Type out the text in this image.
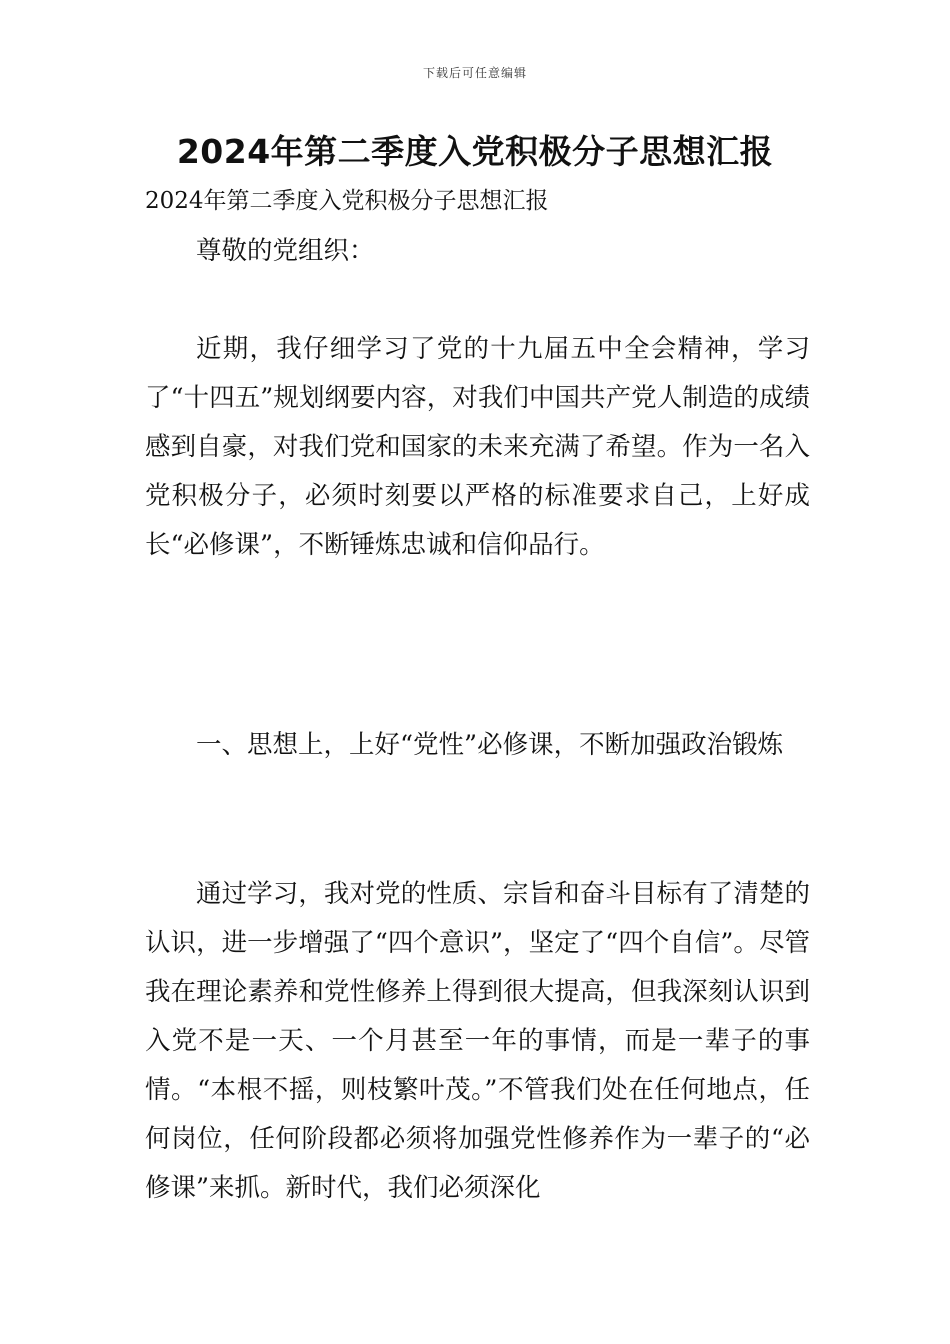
下载后可任意编辑
2024年第二季度入党积极分子思想汇报

2024年第二季度入党积极分子思想汇报

尊敬的党组织：

近期，我仔细学习了党的十九届五中全会精神，学习了“十四五”规划纲要内容，对我们中国共产党人制造的成绩感到自豪，对我们党和国家的未来充满了希望。作为一名入党积极分子，必须时刻要以严格的标准要求自己，上好成长“必修课”，不断锤炼忠诚和信仰品行。

一、思想上，上好“党性”必修课，不断加强政治锻炼

通过学习，我对党的性质、宗旨和奋斗目标有了清楚的认识，进一步增强了“四个意识”，坚定了“四个自信”。尽管我在理论素养和党性修养上得到很大提高，但我深刻认识到入党不是一天、一个月甚至一年的事情，而是一辈子的事情。“本根不摇，则枝繁叶茂。”不管我们处在任何地点，任何岗位，任何阶段都必须将加强党性修养作为一辈子的“必修课”来抓。新时代，我们必须深化
